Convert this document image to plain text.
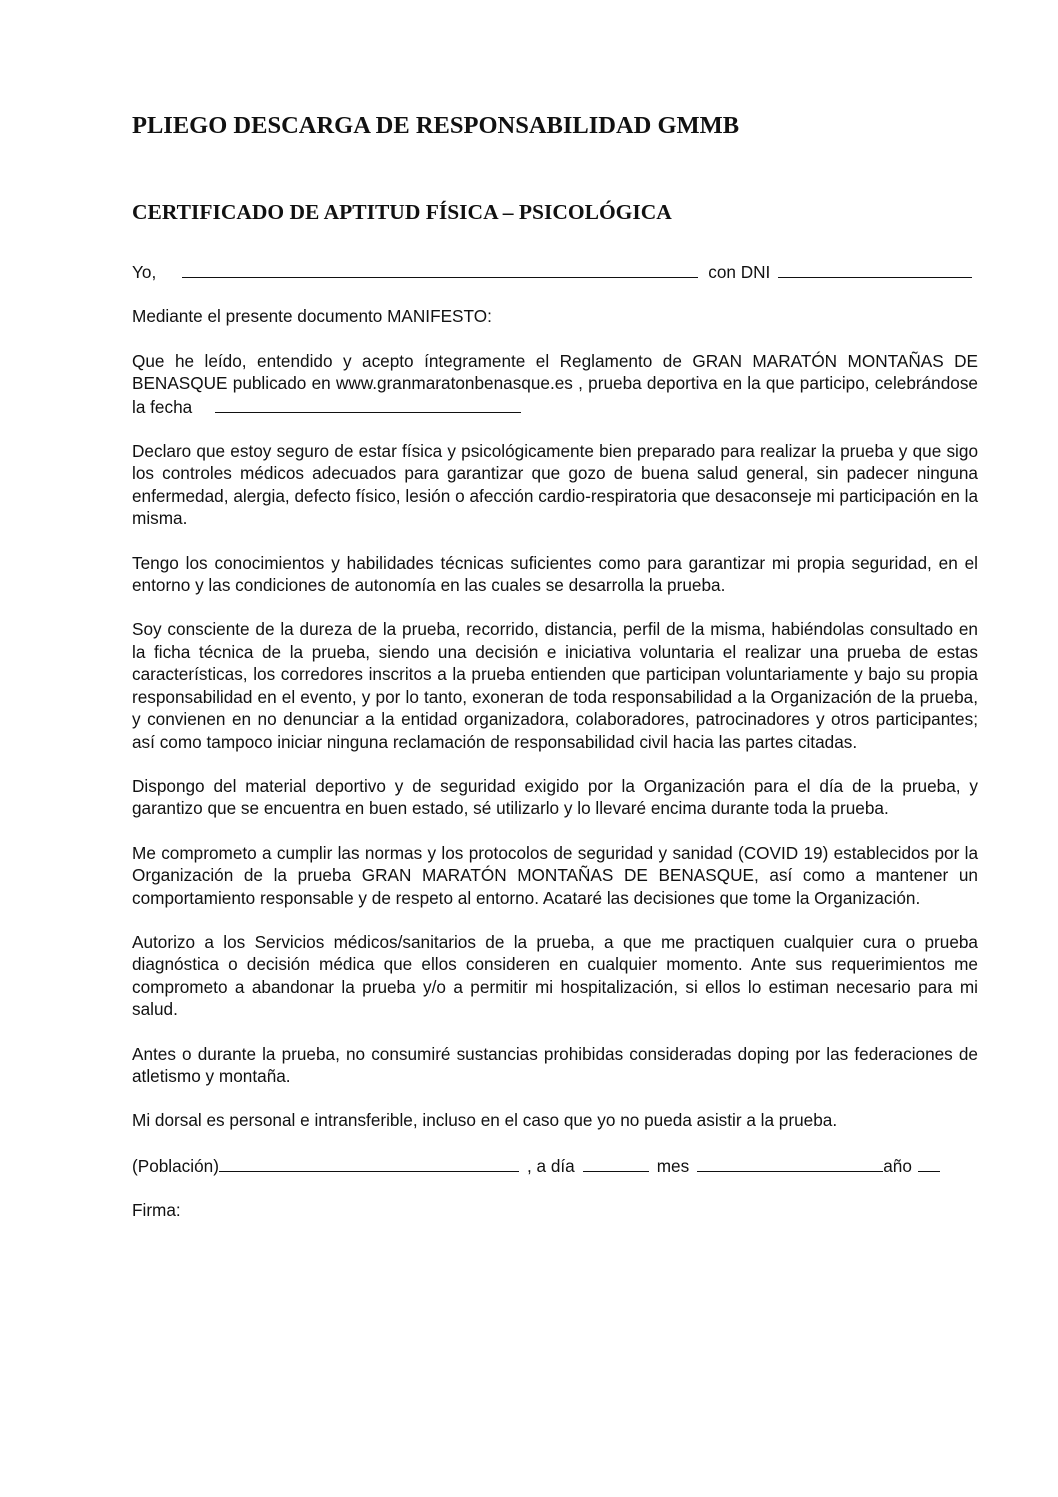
PLIEGO DESCARGA DE RESPONSABILIDAD GMMB
CERTIFICADO DE APTITUD FÍSICA – PSICOLÓGICA
Yo,	con DNI

Mediante el presente documento MANIFESTO:

Que he leído, entendido y acepto íntegramente el Reglamento de GRAN MARATÓN MONTAÑAS DE BENASQUE publicado en www.granmaratonbenasque.es , prueba deportiva en la que participo, celebrándose la fecha

Declaro que estoy seguro de estar física y psicológicamente bien preparado para realizar la prueba y que sigo los controles médicos adecuados para garantizar que gozo de buena salud general, sin padecer ninguna enfermedad, alergia, defecto físico, lesión o afección cardio-respiratoria que desaconseje mi participación en la misma.

Tengo los conocimientos y habilidades técnicas suficientes como para garantizar mi propia seguridad, en el entorno y las condiciones de autonomía en las cuales se desarrolla la prueba.

Soy consciente de la dureza de la prueba, recorrido, distancia, perfil de la misma, habiéndolas consultado en la ficha técnica de la prueba, siendo una decisión e iniciativa voluntaria el realizar una prueba de estas características, los corredores inscritos a la prueba entienden que participan voluntariamente y bajo su propia responsabilidad en el evento, y por lo tanto, exoneran de toda responsabilidad a la Organización de la prueba, y convienen en no denunciar a la entidad organizadora, colaboradores, patrocinadores y otros participantes; así como tampoco iniciar ninguna reclamación de responsabilidad civil hacia las partes citadas.

Dispongo del material deportivo y de seguridad exigido por la Organización para el día de la prueba, y garantizo que se encuentra en buen estado, sé utilizarlo y lo llevaré encima durante toda la prueba.

Me comprometo a cumplir las normas y los protocolos de seguridad y sanidad (COVID 19) establecidos por la Organización de la prueba GRAN MARATÓN MONTAÑAS DE BENASQUE, así como a mantener un comportamiento responsable y de respeto al entorno. Acataré las decisiones que tome la Organización.

Autorizo a los Servicios médicos/sanitarios de la prueba, a que me practiquen cualquier cura o prueba diagnóstica o decisión médica que ellos consideren en cualquier momento. Ante sus requerimientos me comprometo a abandonar la prueba y/o a permitir mi hospitalización, si ellos lo estiman necesario para mi salud.

Antes o durante la prueba, no consumiré sustancias prohibidas consideradas doping por las federaciones de atletismo y montaña.

Mi dorsal es personal e intransferible, incluso en el caso que yo no pueda asistir a la prueba.

(Población)	, a día	mes	año

Firma:
